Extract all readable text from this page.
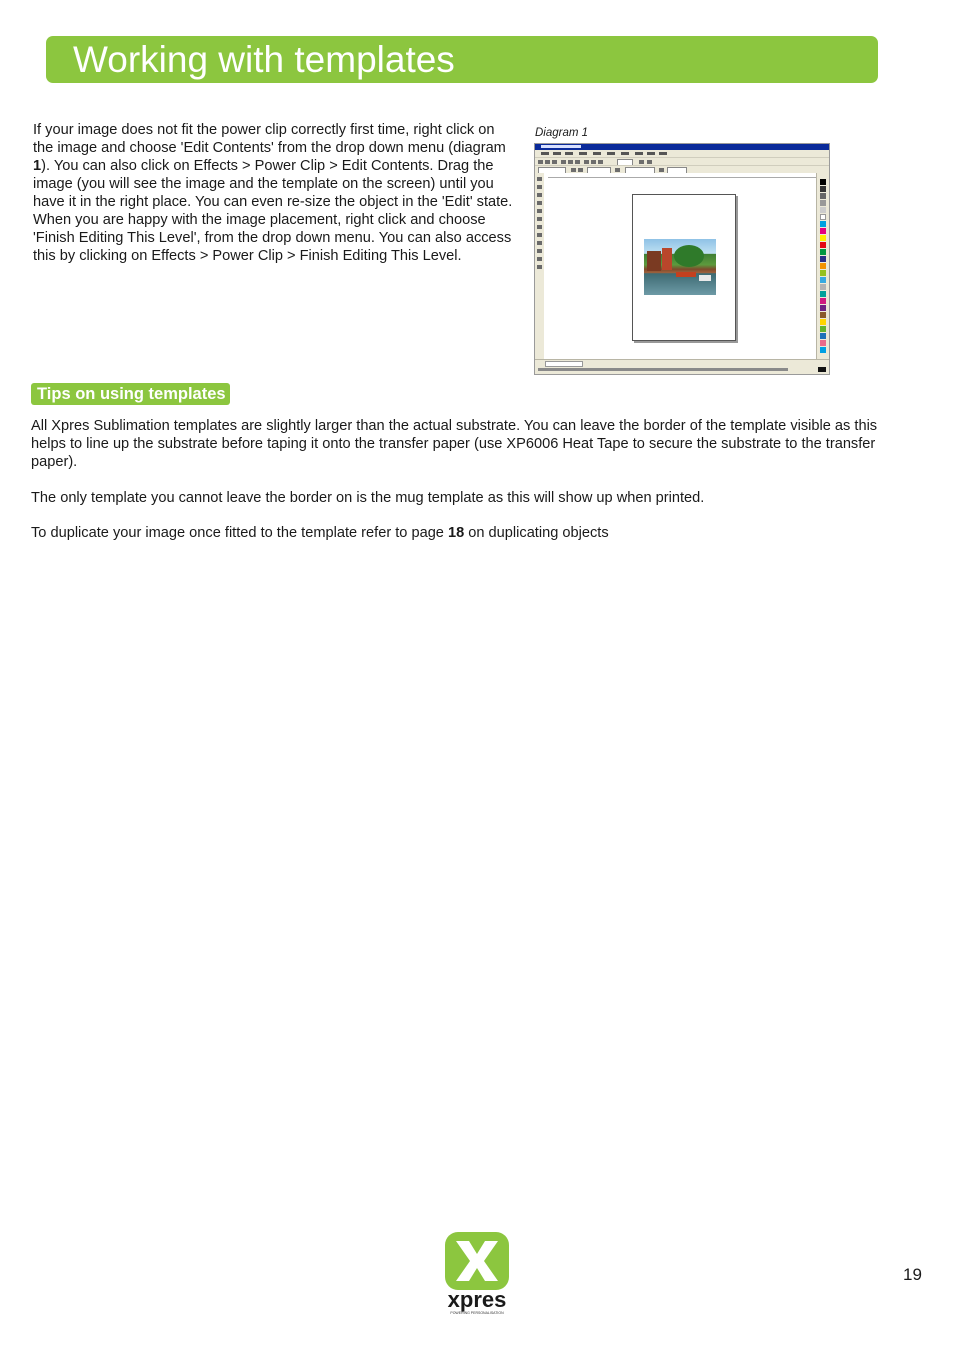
Working with templates

If your image does not fit the power clip correctly first time, right click on the image and choose 'Edit Contents' from the drop down menu (diagram 1). You can also click on Effects > Power Clip > Edit Contents. Drag the image (you will see the image and the template on the screen) until you have it in the right place. You can even re-size the object in the 'Edit' state. When you are happy with the image placement, right click and choose 'Finish Editing This Level', from the drop down menu. You can also access this by clicking on Effects > Power Clip > Finish Editing This Level.

Diagram 1

Tips on using templates

All Xpres Sublimation templates are slightly larger than the actual substrate. You can leave the border of the template visible as this helps to line up the substrate before taping it onto the transfer paper (use XP6006 Heat Tape to secure the substrate to the transfer paper).

The only template you cannot leave the border on is the mug template as this will show up when printed.

To duplicate your image once fitted to the template refer to page 18 on duplicating objects

xpres
POWERING PERSONALISATION
19
